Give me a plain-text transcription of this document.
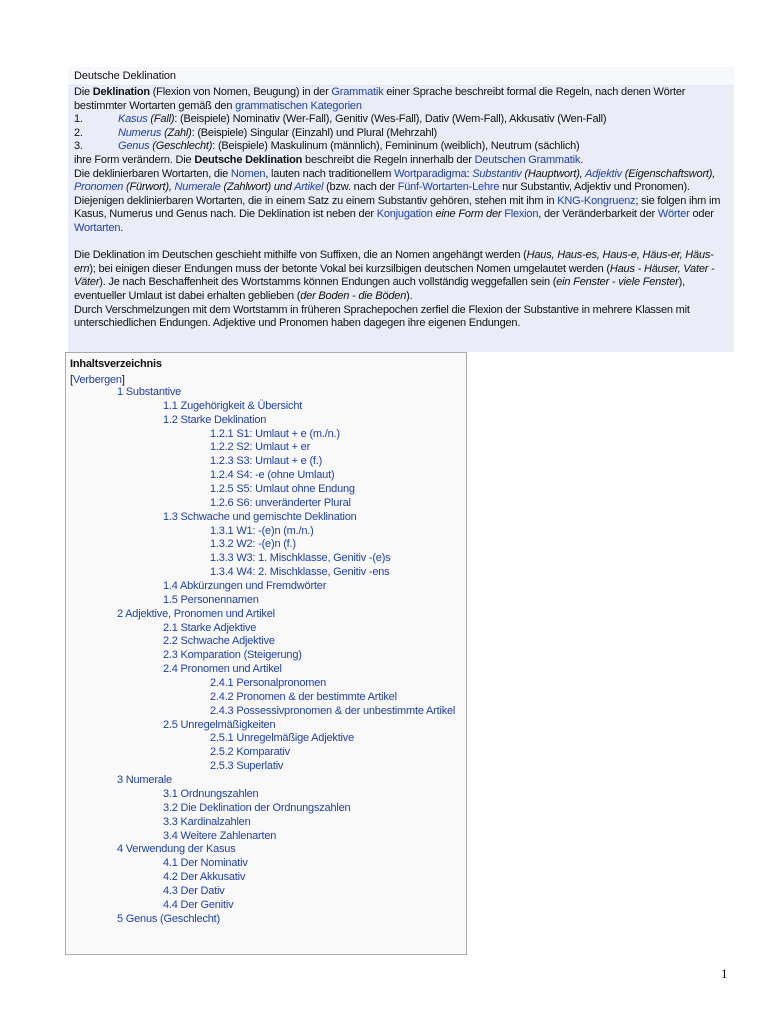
Deutsche Deklination

Die Deklination (Flexion von Nomen, Beugung) in der Grammatik einer Sprache beschreibt formal die Regeln, nach denen Wörter bestimmter Wortarten gemäß den grammatischen Kategorien

1.	Kasus (Fall): (Beispiele) Nominativ (Wer-Fall), Genitiv (Wes-Fall), Dativ (Wem-Fall), Akkusativ (Wen-Fall)
2.	Numerus (Zahl): (Beispiele) Singular (Einzahl) und Plural (Mehrzahl)
3.	Genus (Geschlecht): (Beispiele) Maskulinum (männlich), Femininum (weiblich), Neutrum (sächlich)

ihre Form verändern. Die Deutsche Deklination beschreibt die Regeln innerhalb der Deutschen Grammatik.

Die deklinierbaren Wortarten, die Nomen, lauten nach traditionellem Wortparadigma: Substantiv (Hauptwort), Adjektiv (Eigenschaftswort), Pronomen (Fürwort), Numerale (Zahlwort) und Artikel (bzw. nach der Fünf-Wortarten-Lehre nur Substantiv, Adjektiv und Pronomen).

Diejenigen deklinierbaren Wortarten, die in einem Satz zu einem Substantiv gehören, stehen mit ihm in KNG-Kongruenz; sie folgen ihm im Kasus, Numerus und Genus nach. Die Deklination ist neben der Konjugation eine Form der Flexion, der Veränderbarkeit der Wörter oder Wortarten.

Die Deklination im Deutschen geschieht mithilfe von Suffixen, die an Nomen angehängt werden (Haus, Haus-es, Haus-e, Häus-er, Häus-ern); bei einigen dieser Endungen muss der betonte Vokal bei kurzsilbigen deutschen Nomen umgelautet werden (Haus - Häuser, Vater - Väter). Je nach Beschaffenheit des Wortstamms können Endungen auch vollständig weggefallen sein (ein Fenster - viele Fenster), eventueller Umlaut ist dabei erhalten geblieben (der Boden - die Böden).

Durch Verschmelzungen mit dem Wortstamm in früheren Sprachepochen zerfiel die Flexion der Substantive in mehrere Klassen mit unterschiedlichen Endungen. Adjektive und Pronomen haben dagegen ihre eigenen Endungen.

Inhaltsverzeichnis
[Verbergen]
1 Substantive
1.1 Zugehörigkeit & Übersicht
1.2 Starke Deklination
1.2.1 S1: Umlaut + e (m./n.)
1.2.2 S2: Umlaut + er
1.2.3 S3: Umlaut + e (f.)
1.2.4 S4: -e (ohne Umlaut)
1.2.5 S5: Umlaut ohne Endung
1.2.6 S6: unveränderter Plural
1.3 Schwache und gemischte Deklination
1.3.1 W1: -(e)n (m./n.)
1.3.2 W2: -(e)n (f.)
1.3.3 W3: 1. Mischklasse, Genitiv -(e)s
1.3.4 W4: 2. Mischklasse, Genitiv -ens
1.4 Abkürzungen und Fremdwörter
1.5 Personennamen
2 Adjektive, Pronomen und Artikel
2.1 Starke Adjektive
2.2 Schwache Adjektive
2.3 Komparation (Steigerung)
2.4 Pronomen und Artikel
2.4.1 Personalpronomen
2.4.2 Pronomen & der bestimmte Artikel
2.4.3 Possessivpronomen & der unbestimmte Artikel
2.5 Unregelmäßigkeiten
2.5.1 Unregelmäßige Adjektive
2.5.2 Komparativ
2.5.3 Superlativ
3 Numerale
3.1 Ordnungszahlen
3.2 Die Deklination der Ordnungszahlen
3.3 Kardinalzahlen
3.4 Weitere Zahlenarten
4 Verwendung der Kasus
4.1 Der Nominativ
4.2 Der Akkusativ
4.3 Der Dativ
4.4 Der Genitiv
5 Genus (Geschlecht)
1
